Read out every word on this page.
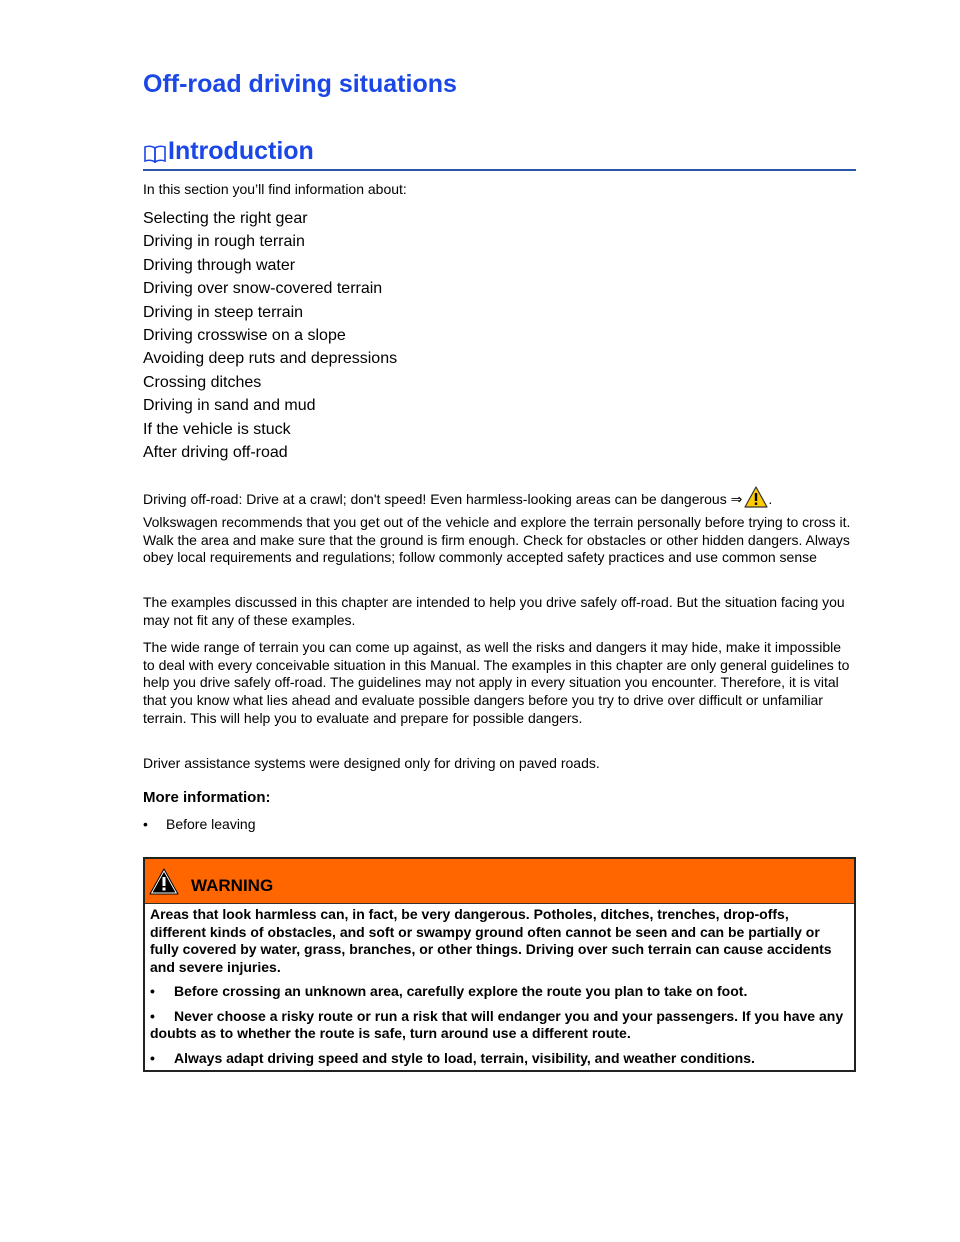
Off-road driving situations
Introduction
In this section you’ll find information about:
Selecting the right gear
Driving in rough terrain
Driving through water
Driving over snow-covered terrain
Driving in steep terrain
Driving crosswise on a slope
Avoiding deep ruts and depressions
Crossing ditches
Driving in sand and mud
If the vehicle is stuck
After driving off-road

Driving off-road: Drive at a crawl; don't speed! Even harmless-looking areas can be dangerous ⇒ .

Volkswagen recommends that you get out of the vehicle and explore the terrain personally before trying to cross it. Walk the area and make sure that the ground is firm enough. Check for obstacles or other hidden dangers. Always obey local requirements and regulations; follow commonly accepted safety practices and use common sense

The examples discussed in this chapter are intended to help you drive safely off-road. But the situation facing you may not fit any of these examples.

The wide range of terrain you can come up against, as well the risks and dangers it may hide, make it impossible to deal with every conceivable situation in this Manual. The examples in this chapter are only general guidelines to help you drive safely off-road. The guidelines may not apply in every situation you encounter. Therefore, it is vital that you know what lies ahead and evaluate possible dangers before you try to drive over difficult or unfamiliar terrain. This will help you to evaluate and prepare for possible dangers.

Driver assistance systems were designed only for driving on paved roads.

More information:
• Before leaving
WARNING

Areas that look harmless can, in fact, be very dangerous. Potholes, ditches, trenches, drop-offs, different kinds of obstacles, and soft or swampy ground often cannot be seen and can be partially or fully covered by water, grass, branches, or other things. Driving over such terrain can cause accidents and severe injuries.

• Before crossing an unknown area, carefully explore the route you plan to take on foot.

• Never choose a risky route or run a risk that will endanger you and your passengers. If you have any doubts as to whether the route is safe, turn around use a different route.

• Always adapt driving speed and style to load, terrain, visibility, and weather conditions.
